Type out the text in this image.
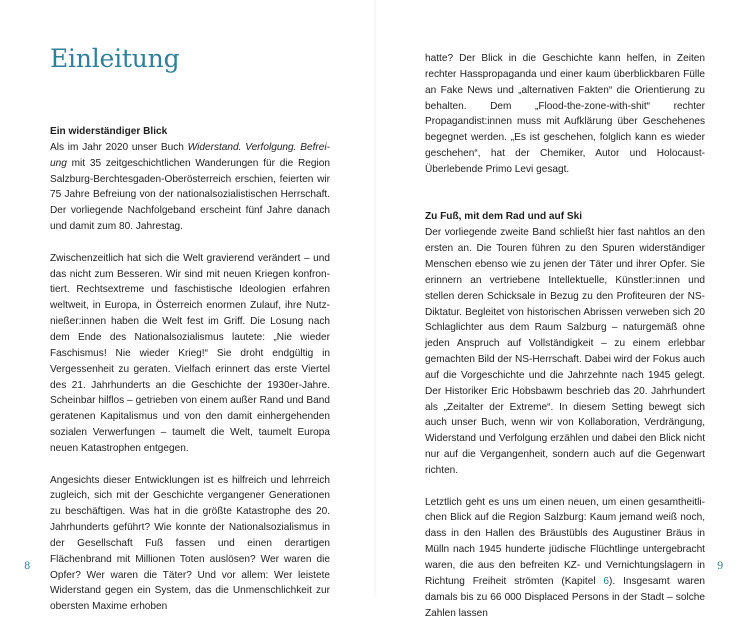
Einleitung
Ein widerständiger Blick

Als im Jahr 2020 unser Buch Widerstand. Verfolgung. Befreiung mit 35 zeitgeschichtlichen Wanderungen für die Region Salzburg-Berchtesgaden-Oberösterreich erschien, feierten wir 75 Jahre Befreiung von der nationalsozialistischen Herrschaft. Der vorliegende Nachfolgeband erscheint fünf Jahre danach und damit zum 80. Jahrestag.

Zwischenzeitlich hat sich die Welt gravierend verändert – und das nicht zum Besseren. Wir sind mit neuen Kriegen konfrontiert. Rechtsextreme und faschistische Ideologien erfahren weltweit, in Europa, in Österreich enormen Zulauf, ihre Nutznießer:innen haben die Welt fest im Griff. Die Losung nach dem Ende des Nationalsozialismus lautete: „Nie wieder Faschismus! Nie wieder Krieg!“ Sie droht endgültig in Vergessenheit zu geraten. Vielfach erinnert das erste Viertel des 21. Jahrhunderts an die Geschichte der 1930er-Jahre. Scheinbar hilflos – getrieben von einem außer Rand und Band geratenen Kapitalismus und von den damit einhergehenden sozialen Verwerfungen – taumelt die Welt, taumelt Europa neuen Katastrophen entgegen.

Angesichts dieser Entwicklungen ist es hilfreich und lehrreich zugleich, sich mit der Geschichte vergangener Generationen zu beschäftigen. Was hat in die größte Katastrophe des 20. Jahrhunderts geführt? Wie konnte der Nationalsozialismus in der Gesellschaft Fuß fassen und einen derartigen Flächenbrand mit Millionen Toten auslösen? Wer waren die Opfer? Wer waren die Täter? Und vor allem: Wer leistete Widerstand gegen ein System, das die Unmenschlichkeit zur obersten Maxime erhoben

8

hatte? Der Blick in die Geschichte kann helfen, in Zeiten rechter Hasspropaganda und einer kaum überblickbaren Fülle an Fake News und „alternativen Fakten“ die Orientierung zu behalten. Dem „Flood-the-zone-with-shit“ rechter Propagandist:innen muss mit Aufklärung über Geschehenes begegnet werden. „Es ist geschehen, folglich kann es wieder geschehen“, hat der Chemiker, Autor und Holocaust-Überlebende Primo Levi gesagt.

Zu Fuß, mit dem Rad und auf Ski

Der vorliegende zweite Band schließt hier fast nahtlos an den ersten an. Die Touren führen zu den Spuren widerständiger Menschen ebenso wie zu jenen der Täter und ihrer Opfer. Sie erinnern an vertriebene Intellektuelle, Künstler:innen und stellen deren Schicksale in Bezug zu den Profiteuren der NS-Diktatur. Begleitet von historischen Abrissen verweben sich 20 Schlaglichter aus dem Raum Salzburg – naturgemäß ohne jeden Anspruch auf Vollständigkeit – zu einem erlebbar gemachten Bild der NS-Herrschaft. Dabei wird der Fokus auch auf die Vorgeschichte und die Jahrzehnte nach 1945 gelegt. Der Historiker Eric Hobsbawm beschrieb das 20. Jahrhundert als „Zeitalter der Extreme“. In diesem Setting bewegt sich auch unser Buch, wenn wir von Kollaboration, Verdrängung, Widerstand und Verfolgung erzählen und dabei den Blick nicht nur auf die Vergangenheit, sondern auch auf die Gegenwart richten.

Letztlich geht es uns um einen neuen, um einen gesamtheitlichen Blick auf die Region Salzburg: Kaum jemand weiß noch, dass in den Hallen des Bräustübls des Augustiner Bräus in Mülln nach 1945 hunderte jüdische Flüchtlinge untergebracht waren, die aus den befreiten KZ- und Vernichtungslagern in Richtung Freiheit strömten (Kapitel 6). Insgesamt waren damals bis zu 66 000 Displaced Persons in der Stadt – solche Zahlen lassen

9
